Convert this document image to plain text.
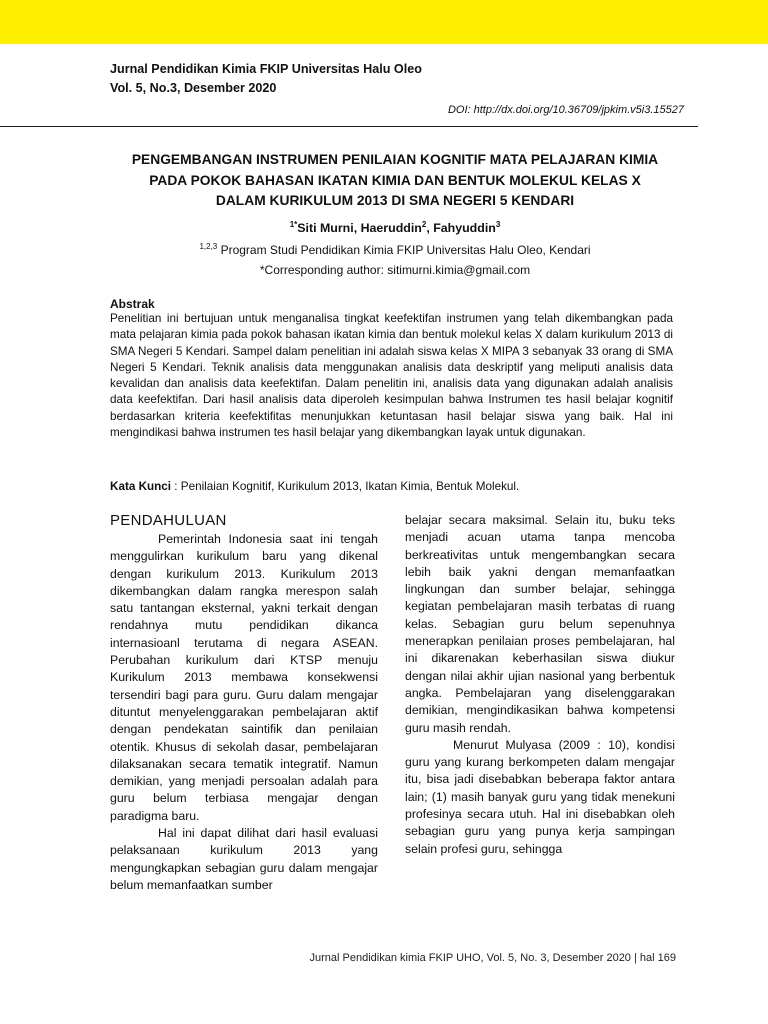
Jurnal Pendidikan Kimia FKIP Universitas Halu Oleo
Vol. 5, No.3, Desember 2020
DOI: http://dx.doi.org/10.36709/jpkim.v5i3.15527
PENGEMBANGAN INSTRUMEN PENILAIAN KOGNITIF MATA PELAJARAN KIMIA
PADA POKOK BAHASAN IKATAN KIMIA DAN BENTUK MOLEKUL KELAS X
DALAM KURIKULUM 2013 DI SMA NEGERI 5 KENDARI
$^{1*}$Siti Murni, Haeruddin$^2$, Fahyuddin$^3$
$^{1,2,3}$ Program Studi Pendidikan Kimia FKIP Universitas Halu Oleo, Kendari
*Corresponding author: sitimurni.kimia@gmail.com
Abstrak
Penelitian ini bertujuan untuk menganalisa tingkat keefektifan instrumen yang telah dikembangkan pada mata pelajaran kimia pada pokok bahasan ikatan kimia dan bentuk molekul kelas X dalam kurikulum 2013 di SMA Negeri 5 Kendari. Sampel dalam penelitian ini adalah siswa kelas X MIPA 3 sebanyak 33 orang di SMA Negeri 5 Kendari. Teknik analisis data menggunakan analisis data deskriptif yang meliputi analisis data kevalidan dan analisis data keefektifan. Dalam penelitin ini, analisis data yang digunakan adalah analisis data keefektifan. Dari hasil analisis data diperoleh kesimpulan bahwa Instrumen tes hasil belajar kognitif berdasarkan kriteria keefektifitas menunjukkan ketuntasan hasil belajar siswa yang baik. Hal ini mengindikasi bahwa instrumen tes hasil belajar yang dikembangkan layak untuk digunakan.
Kata Kunci : Penilaian Kognitif, Kurikulum 2013, Ikatan Kimia, Bentuk Molekul.
PENDAHULUAN

Pemerintah Indonesia saat ini tengah menggulirkan kurikulum baru yang dikenal dengan kurikulum 2013. Kurikulum 2013 dikembangkan dalam rangka merespon salah satu tantangan eksternal, yakni terkait dengan rendahnya mutu pendidikan dikanca internasioanl terutama di negara ASEAN. Perubahan kurikulum dari KTSP menuju Kurikulum 2013 membawa konsekwensi tersendiri bagi para guru. Guru dalam mengajar dituntut menyelenggarakan pembelajaran aktif dengan pendekatan saintifik dan penilaian otentik. Khusus di sekolah dasar, pembelajaran dilaksanakan secara tematik integratif. Namun demikian, yang menjadi persoalan adalah para guru belum terbiasa mengajar dengan paradigma baru.

Hal ini dapat dilihat dari hasil evaluasi pelaksanaan kurikulum 2013 yang mengungkapkan sebagian guru dalam mengajar belum memanfaatkan sumber

belajar secara maksimal. Selain itu, buku teks menjadi acuan utama tanpa mencoba berkreativitas untuk mengembangkan secara lebih baik yakni dengan memanfaatkan lingkungan dan sumber belajar, sehingga kegiatan pembelajaran masih terbatas di ruang kelas. Sebagian guru belum sepenuhnya menerapkan penilaian proses pembelajaran, hal ini dikarenakan keberhasilan siswa diukur dengan nilai akhir ujian nasional yang berbentuk angka. Pembelajaran yang diselenggarakan demikian, mengindikasikan bahwa kompetensi guru masih rendah.

Menurut Mulyasa (2009 : 10), kondisi guru yang kurang berkompeten dalam mengajar itu, bisa jadi disebabkan beberapa faktor antara lain; (1) masih banyak guru yang tidak menekuni profesinya secara utuh. Hal ini disebabkan oleh sebagian guru yang punya kerja sampingan selain profesi guru, sehingga

Jurnal Pendidikan kimia FKIP UHO, Vol. 5, No. 3, Desember 2020 | hal 169
